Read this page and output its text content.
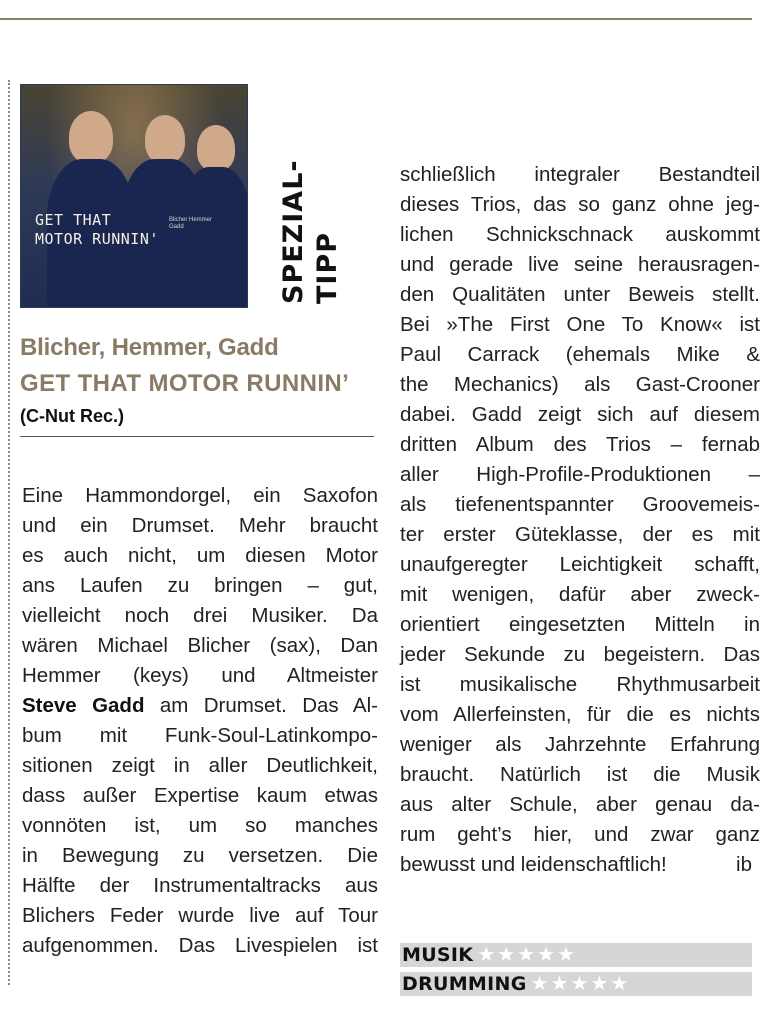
GET THAT
MOTOR RUNNIN'
Blicher Hemmer Gadd	SPEZIAL- TIPP
Blicher, Hemmer, Gadd
GET THAT MOTOR RUNNIN’
(C-Nut Rec.)

Eine Hammondorgel, ein Saxofon

und ein Drumset. Mehr braucht

es auch nicht, um diesen Motor

ans Laufen zu bringen – gut,

vielleicht noch drei Musiker. Da

wären Michael Blicher (sax), Dan

Hemmer (keys) und Altmeister

Steve Gadd am Drumset. Das Al-

bum mit Funk-Soul-Latinkompo-

sitionen zeigt in aller Deutlichkeit,

dass außer Expertise kaum etwas

vonnöten ist, um so manches

in Bewegung zu versetzen. Die

Hälfte der Instrumentaltracks aus

Blichers Feder wurde live auf Tour

aufgenommen. Das Livespielen ist

schließlich integraler Bestandteil

dieses Trios, das so ganz ohne jeg-

lichen Schnickschnack auskommt

und gerade live seine herausragen-

den Qualitäten unter Beweis stellt.

Bei »The First One To Know« ist

Paul Carrack (ehemals Mike &

the Mechanics) als Gast-Crooner

dabei. Gadd zeigt sich auf diesem

dritten Album des Trios – fernab

aller High-Profile-Produktionen –

als tiefenentspannter Groovemeis-

ter erster Güteklasse, der es mit

unaufgeregter Leichtigkeit schafft,

mit wenigen, dafür aber zweck-

orientiert eingesetzten Mitteln in

jeder Sekunde zu begeistern. Das

ist musikalische Rhythmusarbeit

vom Allerfeinsten, für die es nichts

weniger als Jahrzehnte Erfahrung

braucht. Natürlich ist die Musik

aus alter Schule, aber genau da-

rum geht’s hier, und zwar ganz

bewusst und leidenschaftlich!	ib

MUSIK ★★★★★
DRUMMING ★★★★★
